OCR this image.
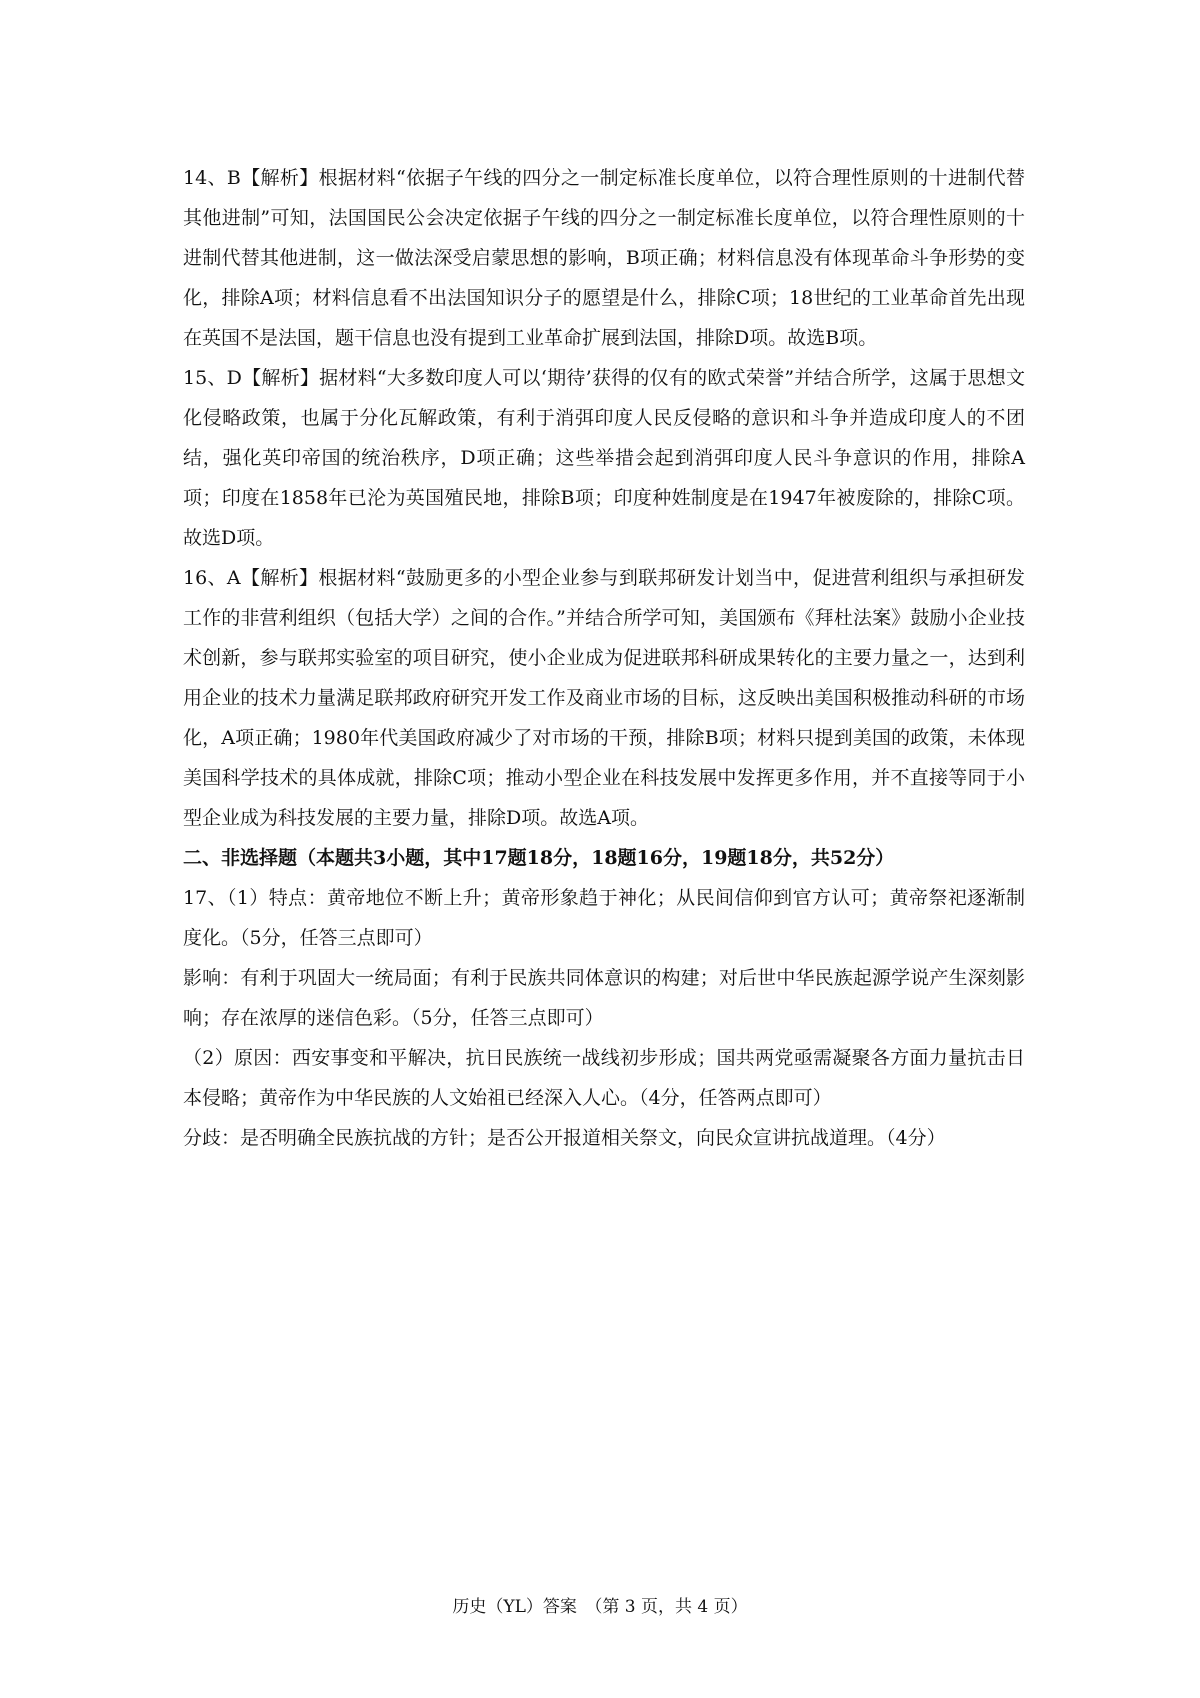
14、B【解析】根据材料“依据子午线的四分之一制定标准长度单位，以符合理性原则的十进制代替其他进制”可知，法国国民公会决定依据子午线的四分之一制定标准长度单位，以符合理性原则的十进制代替其他进制，这一做法深受启蒙思想的影响，B项正确；材料信息没有体现革命斗争形势的变化，排除A项；材料信息看不出法国知识分子的愿望是什么，排除C项；18世纪的工业革命首先出现在英国不是法国，题干信息也没有提到工业革命扩展到法国，排除D项。故选B项。

15、D【解析】据材料“大多数印度人可以‘期待’获得的仅有的欧式荣誉”并结合所学，这属于思想文化侵略政策，也属于分化瓦解政策，有利于消弭印度人民反侵略的意识和斗争并造成印度人的不团结，强化英印帝国的统治秩序，D项正确；这些举措会起到消弭印度人民斗争意识的作用，排除A项；印度在1858年已沦为英国殖民地，排除B项；印度种姓制度是在1947年被废除的，排除C项。故选D项。

16、A【解析】根据材料“鼓励更多的小型企业参与到联邦研发计划当中，促进营利组织与承担研发工作的非营利组织（包括大学）之间的合作。”并结合所学可知，美国颁布《拜杜法案》鼓励小企业技术创新，参与联邦实验室的项目研究，使小企业成为促进联邦科研成果转化的主要力量之一，达到利用企业的技术力量满足联邦政府研究开发工作及商业市场的目标，这反映出美国积极推动科研的市场化，A项正确；1980年代美国政府减少了对市场的干预，排除B项；材料只提到美国的政策，未体现美国科学技术的具体成就，排除C项；推动小型企业在科技发展中发挥更多作用，并不直接等同于小型企业成为科技发展的主要力量，排除D项。故选A项。

二、非选择题（本题共3小题，其中17题18分，18题16分，19题18分，共52分）

17、（1）特点：黄帝地位不断上升；黄帝形象趋于神化；从民间信仰到官方认可；黄帝祭祀逐渐制度化。（5分，任答三点即可）

影响：有利于巩固大一统局面；有利于民族共同体意识的构建；对后世中华民族起源学说产生深刻影响；存在浓厚的迷信色彩。（5分，任答三点即可）

（2）原因：西安事变和平解决，抗日民族统一战线初步形成；国共两党亟需凝聚各方面力量抗击日本侵略；黄帝作为中华民族的人文始祖已经深入人心。（4分，任答两点即可）

分歧：是否明确全民族抗战的方针；是否公开报道相关祭文，向民众宣讲抗战道理。（4分）

历史（YL）答案　（第 3 页，共 4 页）
